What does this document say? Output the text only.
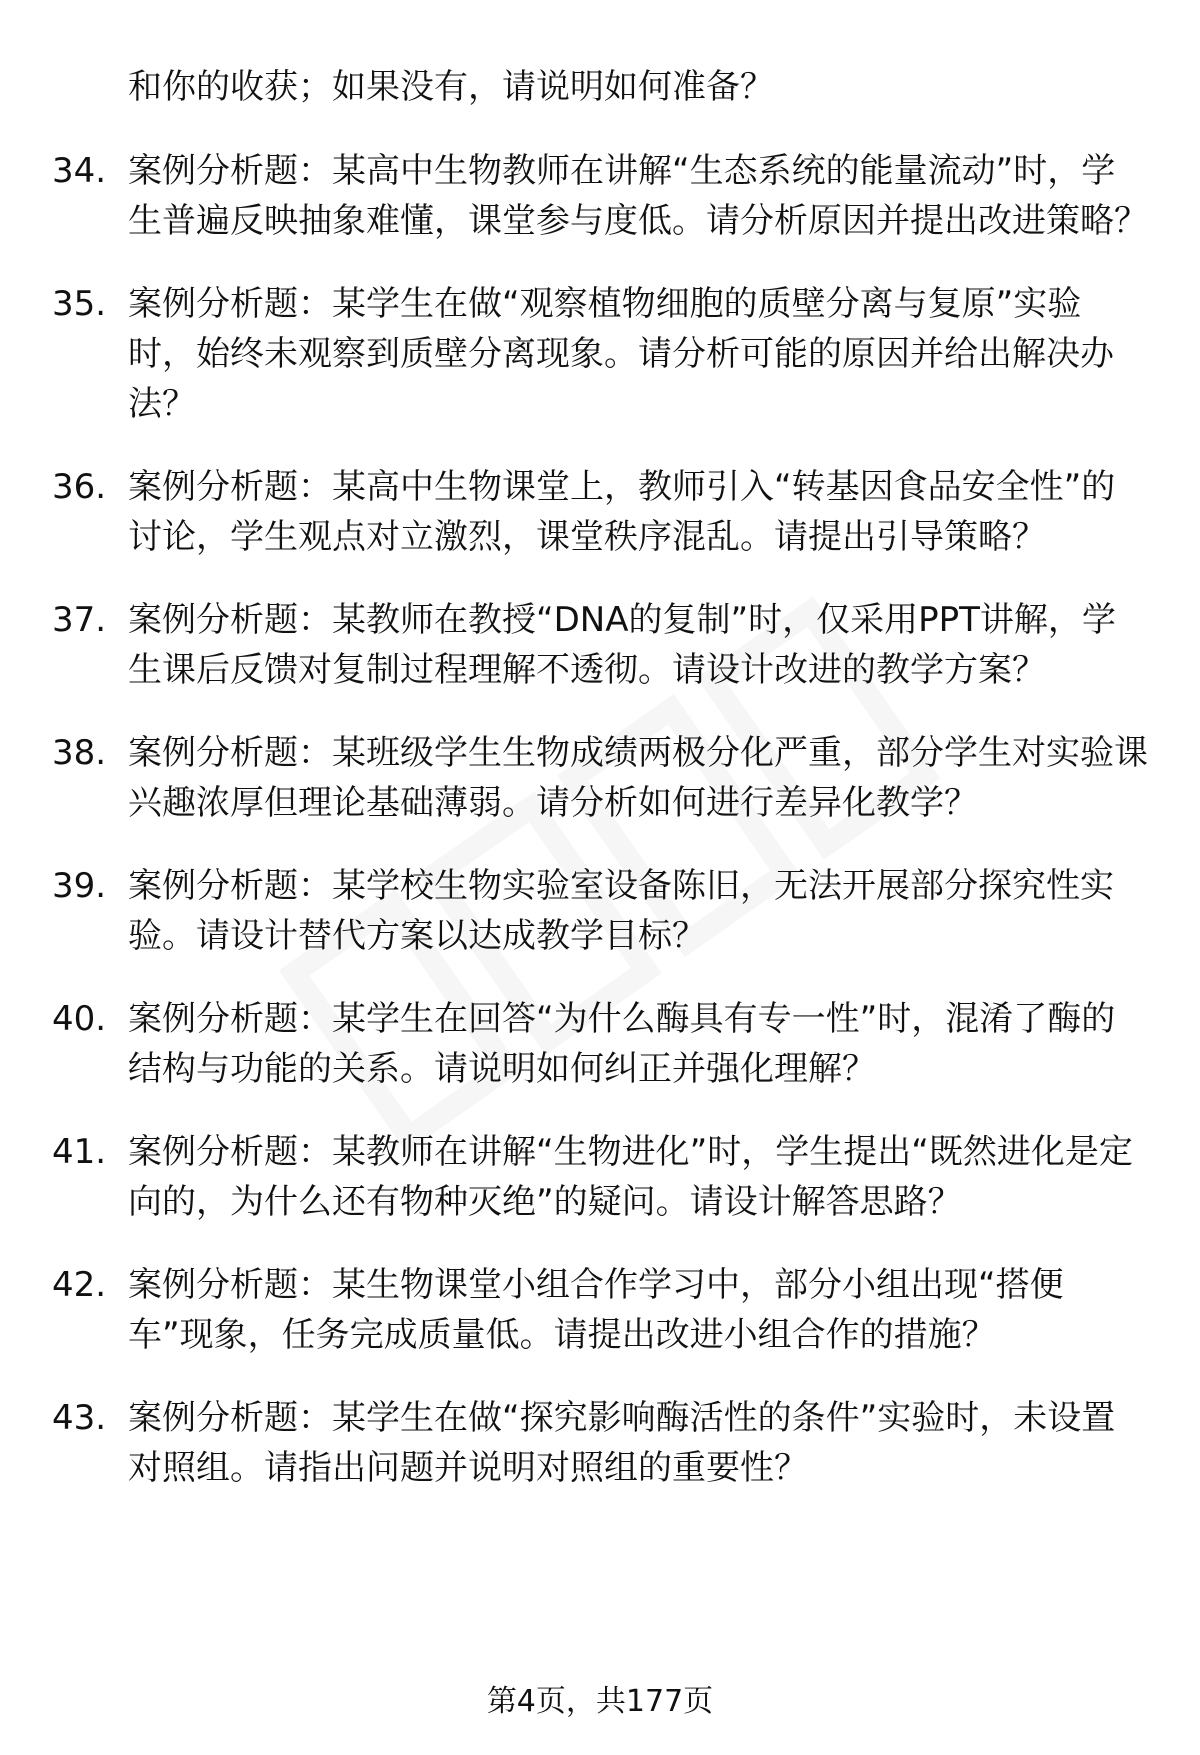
和你的收获；如果没有，请说明如何准备？
34. 案例分析题：某高中生物教师在讲解“生态系统的能量流动”时，学生普遍反映抽象难懂，课堂参与度低。请分析原因并提出改进策略？
35. 案例分析题：某学生在做“观察植物细胞的质壁分离与复原”实验时，始终未观察到质壁分离现象。请分析可能的原因并给出解决办法？
36. 案例分析题：某高中生物课堂上，教师引入“转基因食品安全性”的讨论，学生观点对立激烈，课堂秩序混乱。请提出引导策略？
37. 案例分析题：某教师在教授“DNA的复制”时，仅采用PPT讲解，学生课后反馈对复制过程理解不透彻。请设计改进的教学方案？
38. 案例分析题：某班级学生生物成绩两极分化严重，部分学生对实验课兴趣浓厚但理论基础薄弱。请分析如何进行差异化教学？
39. 案例分析题：某学校生物实验室设备陈旧，无法开展部分探究性实验。请设计替代方案以达成教学目标？
40. 案例分析题：某学生在回答“为什么酶具有专一性”时，混淆了酶的结构与功能的关系。请说明如何纠正并强化理解？
41. 案例分析题：某教师在讲解“生物进化”时，学生提出“既然进化是定向的，为什么还有物种灭绝”的疑问。请设计解答思路？
42. 案例分析题：某生物课堂小组合作学习中，部分小组出现“搭便车”现象，任务完成质量低。请提出改进小组合作的措施？
43. 案例分析题：某学生在做“探究影响酶活性的条件”实验时，未设置对照组。请指出问题并说明对照组的重要性？
第4页，共177页
